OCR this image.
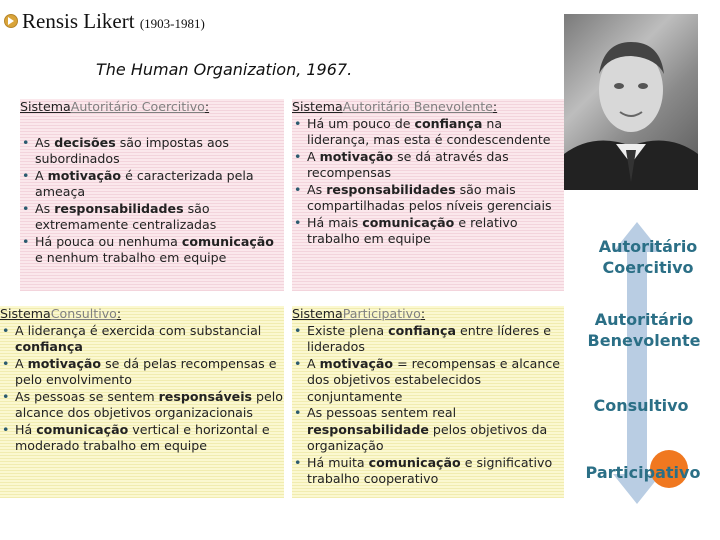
Rensis Likert (1903-1981)
The Human Organization, 1967.
SistemaAutoritário Coercitivo:
• As decisões são impostas aos subordinados
• A motivação é caracterizada pela ameaça
• As responsabilidades são extremamente centralizadas
• Há pouca ou nenhuma comunicação e nenhum trabalho em equipe
SistemaAutoritário Benevolente:
• Há um pouco de confiança na liderança, mas esta é condescendente
• A motivação se dá através das recompensas
• As responsabilidades são mais compartilhadas pelos níveis gerenciais
• Há mais comunicação e relativo trabalho em equipe
SistemaConsultivo:
• A liderança é exercida com substancial confiança
• A motivação se dá pelas recompensas e pelo envolvimento
• As pessoas se sentem responsáveis pelo alcance dos objetivos organizacionais
• Há comunicação vertical e horizontal e moderado trabalho em equipe
SistemaParticipativo:
• Existe plena confiança entre líderes e liderados
• A motivação = recompensas e alcance dos objetivos estabelecidos conjuntamente
• As pessoas sentem real responsabilidade pelos objetivos da organização
• Há muita comunicação e significativo trabalho cooperativo
Autoritário
Coercitivo
Autoritário
Benevolente
Consultivo
Participativo
